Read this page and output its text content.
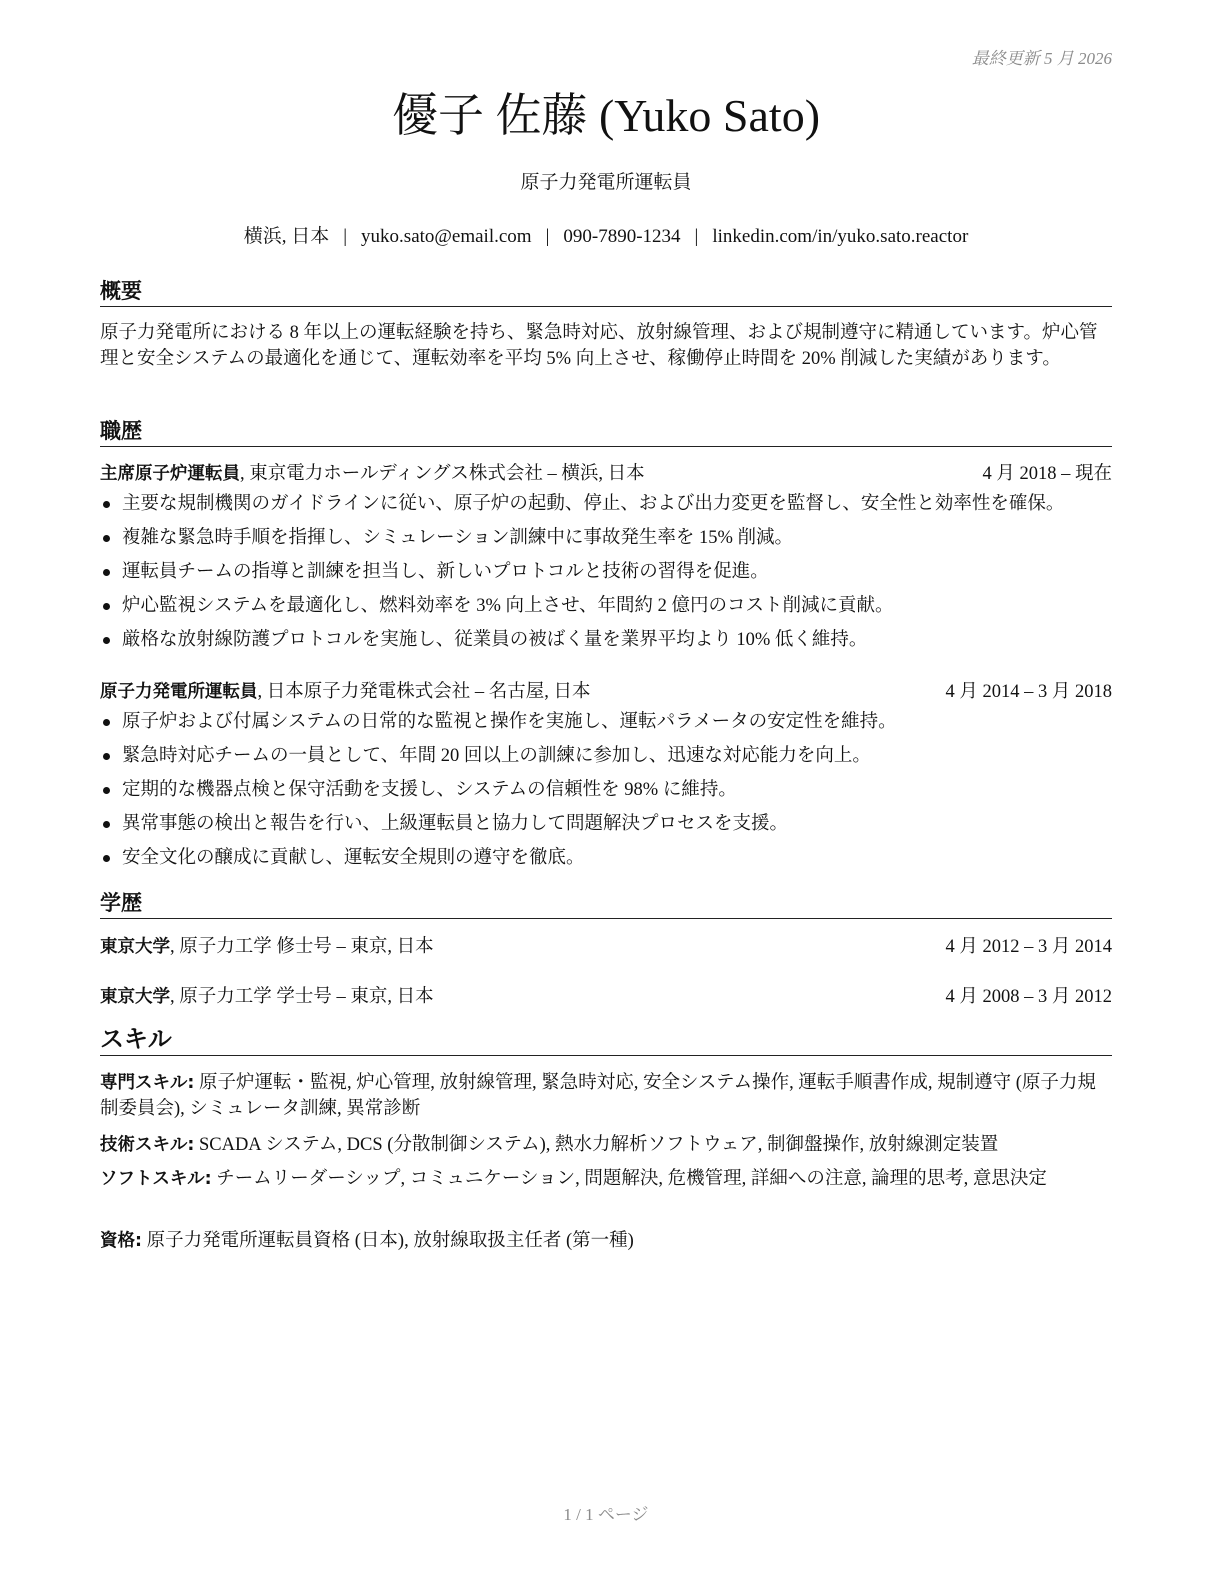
最終更新 5 月 2026
優子 佐藤 (Yuko Sato)
原子力発電所運転員
横浜, 日本 | yuko.sato@email.com | 090-7890-1234 | linkedin.com/in/yuko.sato.reactor
概要
原子力発電所における 8 年以上の運転経験を持ち、緊急時対応、放射線管理、および規制遵守に精通しています。炉心管理と安全システムの最適化を通じて、運転効率を平均 5% 向上させ、稼働停止時間を 20% 削減した実績があります。
職歴
主席原子炉運転員, 東京電力ホールディングス株式会社 – 横浜, 日本	4 月 2018 – 現在
主要な規制機関のガイドラインに従い、原子炉の起動、停止、および出力変更を監督し、安全性と効率性を確保。
複雑な緊急時手順を指揮し、シミュレーション訓練中に事故発生率を 15% 削減。
運転員チームの指導と訓練を担当し、新しいプロトコルと技術の習得を促進。
炉心監視システムを最適化し、燃料効率を 3% 向上させ、年間約 2 億円のコスト削減に貢献。
厳格な放射線防護プロトコルを実施し、従業員の被ばく量を業界平均より 10% 低く維持。
原子力発電所運転員, 日本原子力発電株式会社 – 名古屋, 日本	4 月 2014 – 3 月 2018
原子炉および付属システムの日常的な監視と操作を実施し、運転パラメータの安定性を維持。
緊急時対応チームの一員として、年間 20 回以上の訓練に参加し、迅速な対応能力を向上。
定期的な機器点検と保守活動を支援し、システムの信頼性を 98% に維持。
異常事態の検出と報告を行い、上級運転員と協力して問題解決プロセスを支援。
安全文化の醸成に貢献し、運転安全規則の遵守を徹底。
学歴
東京大学, 原子力工学 修士号 – 東京, 日本	4 月 2012 – 3 月 2014
東京大学, 原子力工学 学士号 – 東京, 日本	4 月 2008 – 3 月 2012
スキル
専門スキル: 原子炉運転・監視, 炉心管理, 放射線管理, 緊急時対応, 安全システム操作, 運転手順書作成, 規制遵守 (原子力規制委員会), シミュレータ訓練, 異常診断
技術スキル: SCADA システム, DCS (分散制御システム), 熱水力解析ソフトウェア, 制御盤操作, 放射線測定装置
ソフトスキル: チームリーダーシップ, コミュニケーション, 問題解決, 危機管理, 詳細への注意, 論理的思考, 意思決定
資格: 原子力発電所運転員資格 (日本), 放射線取扱主任者 (第一種)
1 / 1 ページ
